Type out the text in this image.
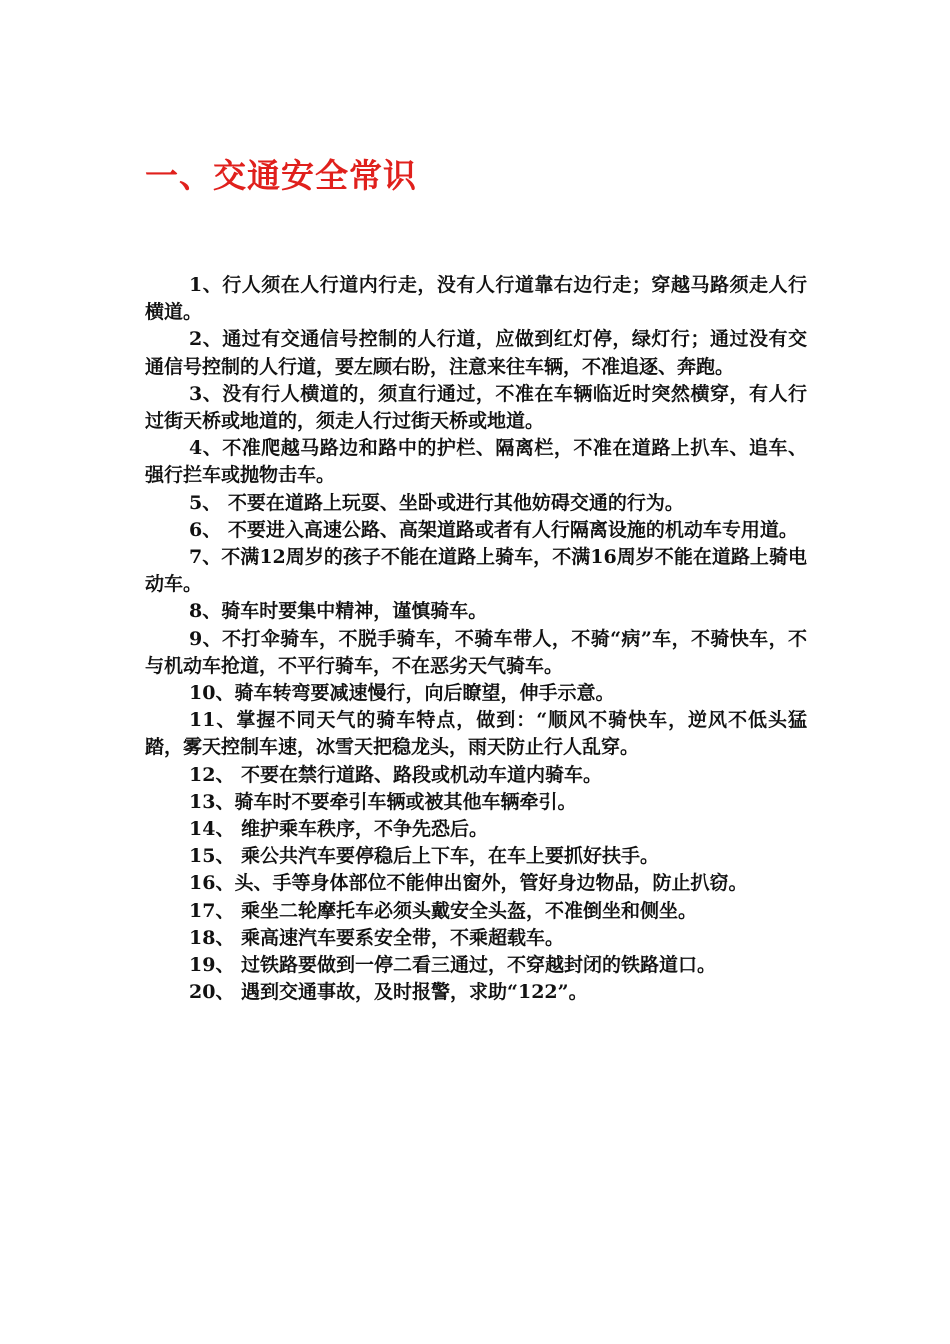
一、交通安全常识
1、行人须在人行道内行走，没有人行道靠右边行走；穿越马路须走人行横道。
2、通过有交通信号控制的人行道，应做到红灯停，绿灯行；通过没有交通信号控制的人行道，要左顾右盼，注意来往车辆，不准追逐、奔跑。
3、没有行人横道的，须直行通过，不准在车辆临近时突然横穿，有人行过街天桥或地道的，须走人行过街天桥或地道。
4、不准爬越马路边和路中的护栏、隔离栏，不准在道路上扒车、追车、强行拦车或抛物击车。
5、 不要在道路上玩耍、坐卧或进行其他妨碍交通的行为。
6、 不要进入高速公路、高架道路或者有人行隔离设施的机动车专用道。
7、不满12周岁的孩子不能在道路上骑车，不满16周岁不能在道路上骑电动车。
8、骑车时要集中精神，谨慎骑车。
9、不打伞骑车，不脱手骑车，不骑车带人，不骑“病”车，不骑快车，不与机动车抢道，不平行骑车，不在恶劣天气骑车。
10、骑车转弯要减速慢行，向后瞭望，伸手示意。
11、掌握不同天气的骑车特点，做到：“顺风不骑快车，逆风不低头猛踏，雾天控制车速，冰雪天把稳龙头，雨天防止行人乱穿。
12、 不要在禁行道路、路段或机动车道内骑车。
13、骑车时不要牵引车辆或被其他车辆牵引。
14、 维护乘车秩序，不争先恐后。
15、 乘公共汽车要停稳后上下车，在车上要抓好扶手。
16、头、手等身体部位不能伸出窗外，管好身边物品，防止扒窃。
17、 乘坐二轮摩托车必须头戴安全头盔，不准倒坐和侧坐。
18、 乘高速汽车要系安全带，不乘超载车。
19、 过铁路要做到一停二看三通过，不穿越封闭的铁路道口。
20、 遇到交通事故，及时报警，求助“122”。
